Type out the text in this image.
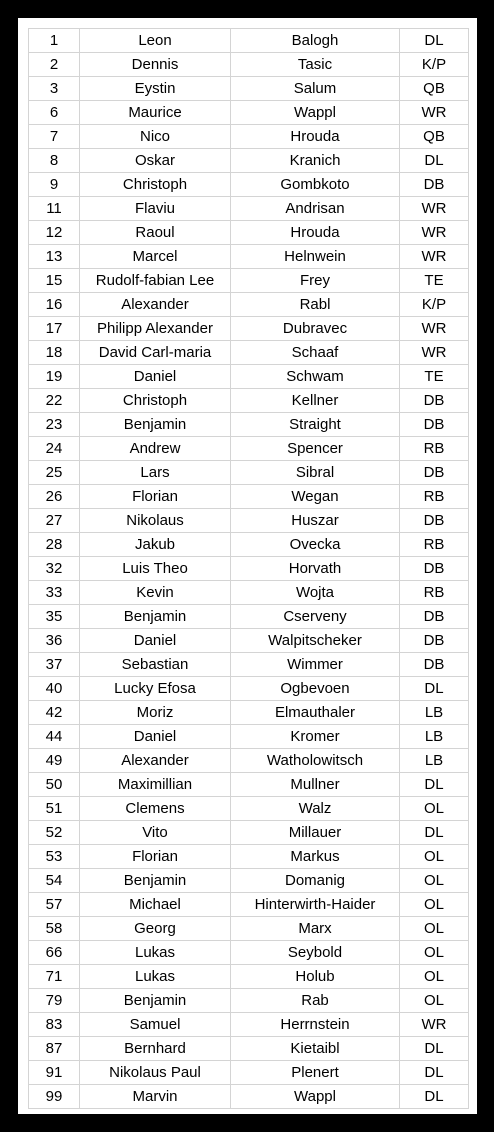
1	Leon	Balogh	DL
2	Dennis	Tasic	K/P
3	Eystin	Salum	QB
6	Maurice	Wappl	WR
7	Nico	Hrouda	QB
8	Oskar	Kranich	DL
9	Christoph	Gombkoto	DB
11	Flaviu	Andrisan	WR
12	Raoul	Hrouda	WR
13	Marcel	Helnwein	WR
15	Rudolf-fabian Lee	Frey	TE
16	Alexander	Rabl	K/P
17	Philipp Alexander	Dubravec	WR
18	David Carl-maria	Schaaf	WR
19	Daniel	Schwam	TE
22	Christoph	Kellner	DB
23	Benjamin	Straight	DB
24	Andrew	Spencer	RB
25	Lars	Sibral	DB
26	Florian	Wegan	RB
27	Nikolaus	Huszar	DB
28	Jakub	Ovecka	RB
32	Luis Theo	Horvath	DB
33	Kevin	Wojta	RB
35	Benjamin	Cserveny	DB
36	Daniel	Walpitscheker	DB
37	Sebastian	Wimmer	DB
40	Lucky Efosa	Ogbevoen	DL
42	Moriz	Elmauthaler	LB
44	Daniel	Kromer	LB
49	Alexander	Watholowitsch	LB
50	Maximillian	Mullner	DL
51	Clemens	Walz	OL
52	Vito	Millauer	DL
53	Florian	Markus	OL
54	Benjamin	Domanig	OL
57	Michael	Hinterwirth-Haider	OL
58	Georg	Marx	OL
66	Lukas	Seybold	OL
71	Lukas	Holub	OL
79	Benjamin	Rab	OL
83	Samuel	Herrnstein	WR
87	Bernhard	Kietaibl	DL
91	Nikolaus Paul	Plenert	DL
99	Marvin	Wappl	DL
